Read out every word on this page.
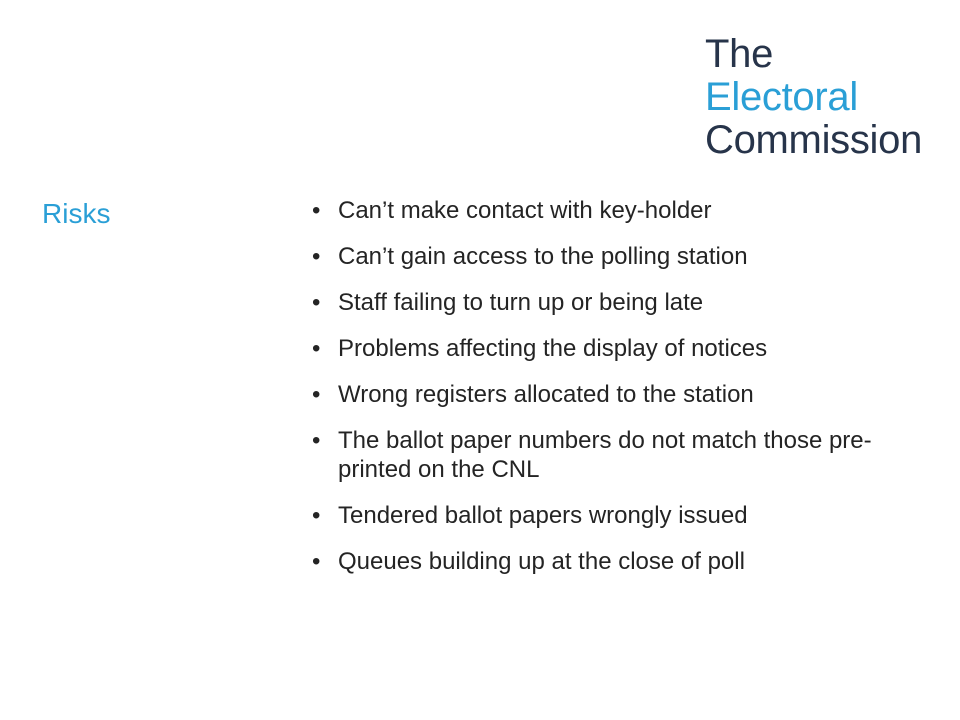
The
Electoral
Commission
Risks	• Can’t make contact with key-holder
• Can’t gain access to the polling station
• Staff failing to turn up or being late
• Problems affecting the display of notices
• Wrong registers allocated to the station
• The ballot paper numbers do not match those pre-printed on the CNL
• Tendered ballot papers wrongly issued
• Queues building up at the close of poll
